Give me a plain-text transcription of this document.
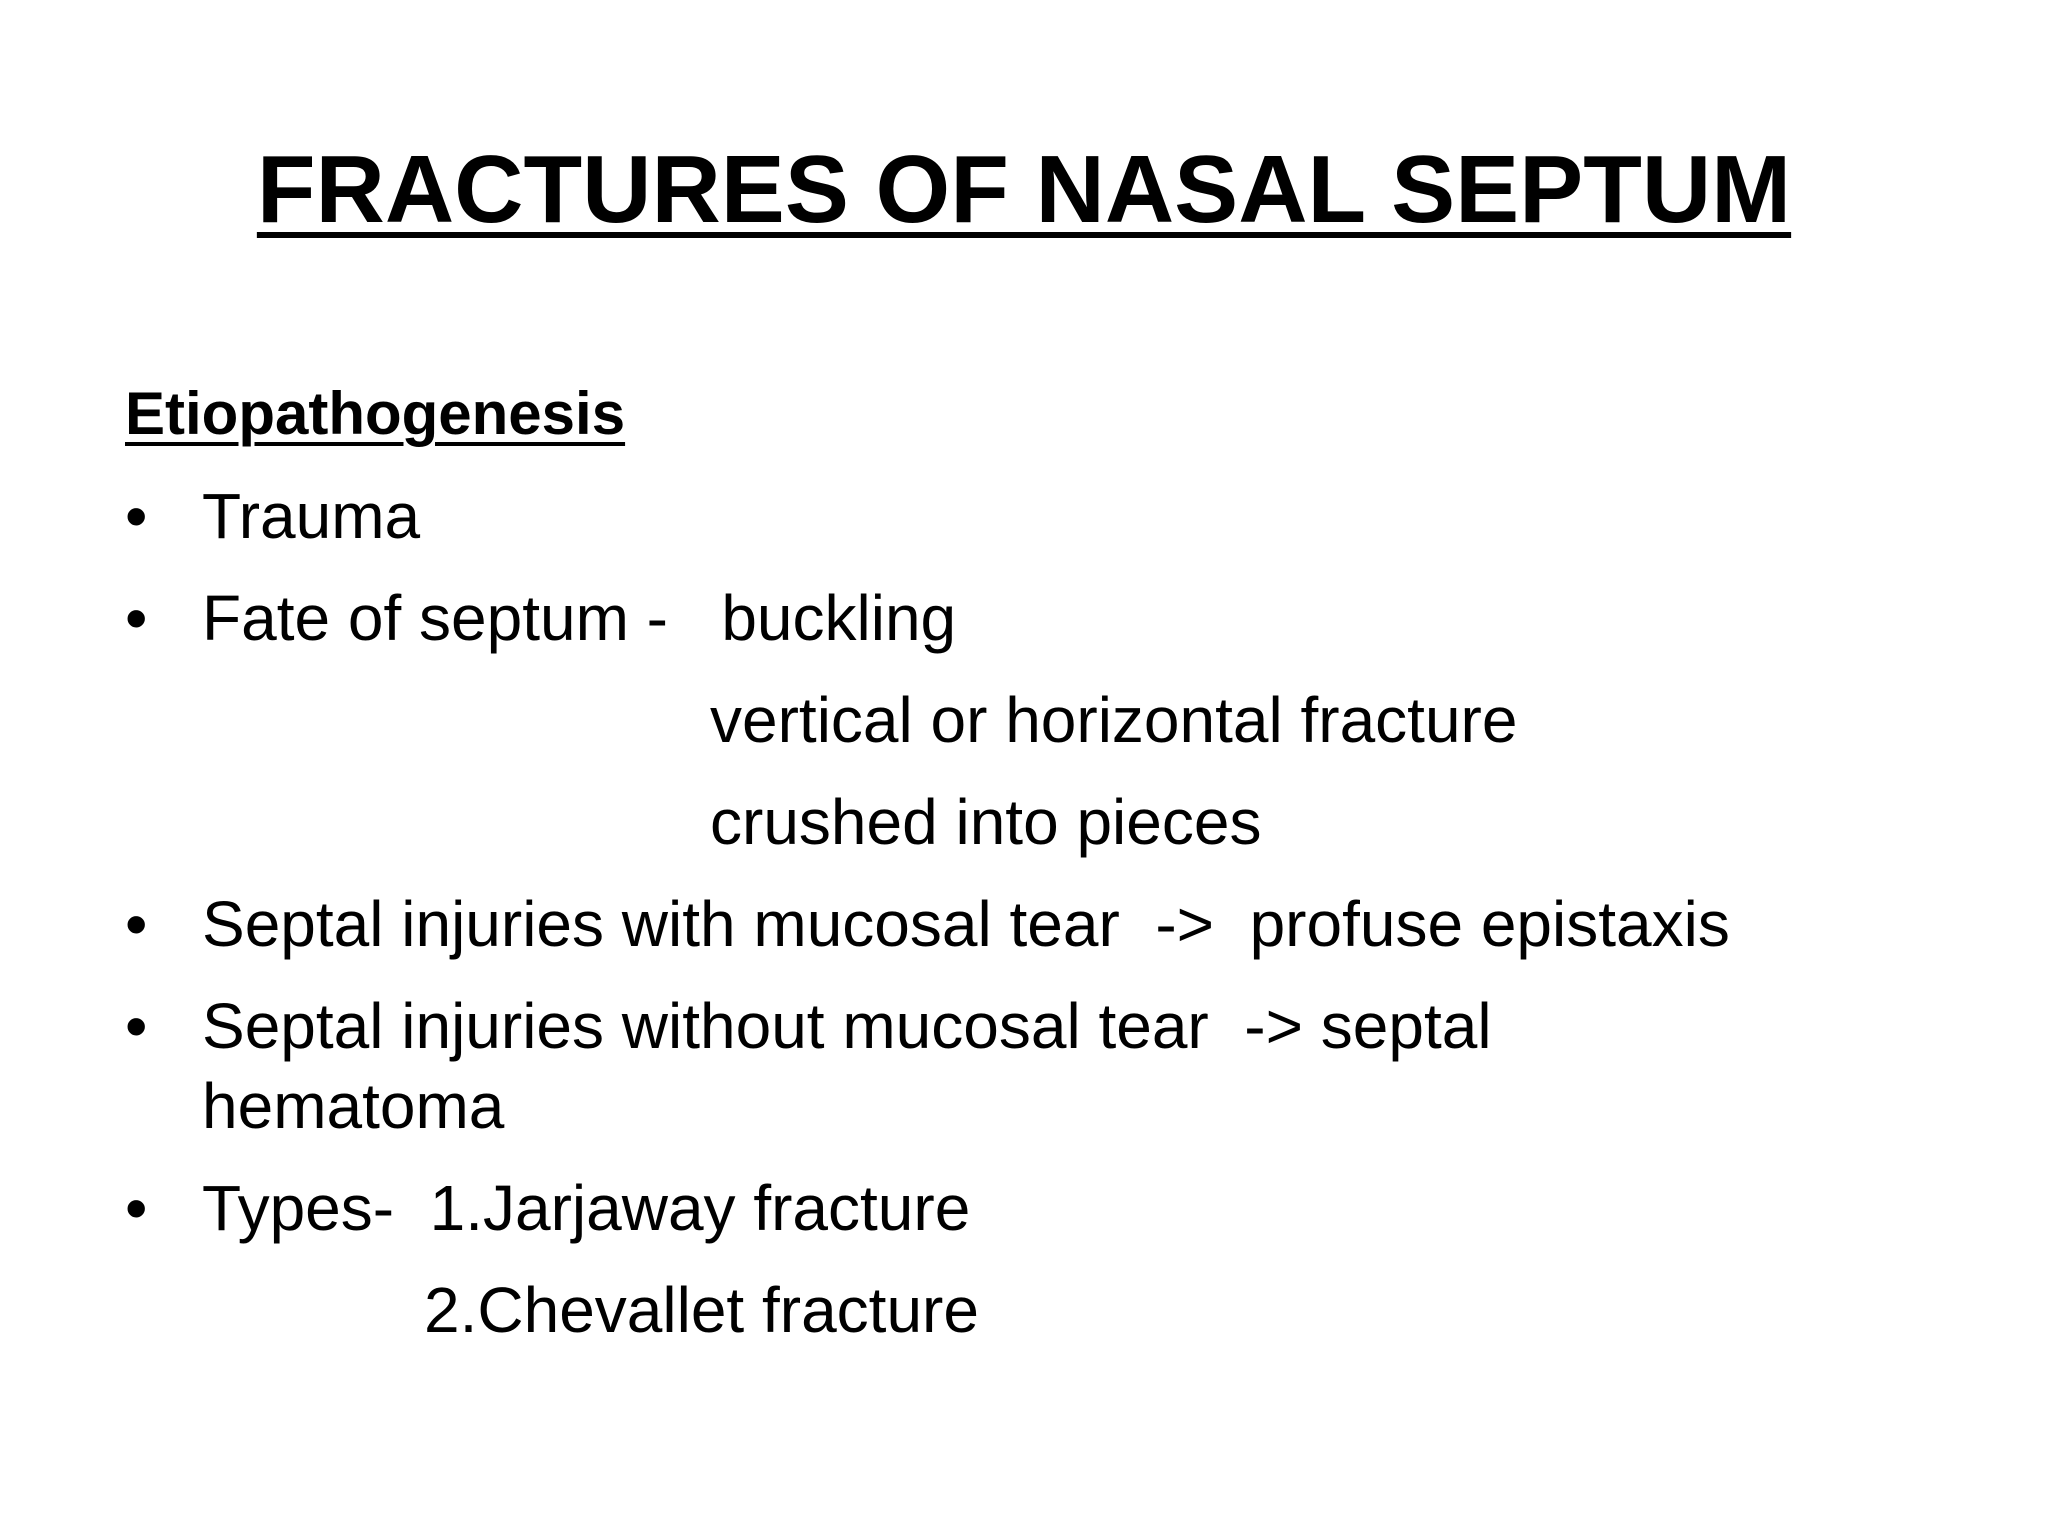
FRACTURES OF NASAL SEPTUM
Etiopathogenesis
• Trauma
• Fate of septum -   buckling
vertical or horizontal fracture
crushed into pieces
• Septal injuries with mucosal tear  ->  profuse epistaxis
• Septal injuries without mucosal tear  -> septal
hematoma
• Types-  1.Jarjaway fracture
2.Chevallet fracture
